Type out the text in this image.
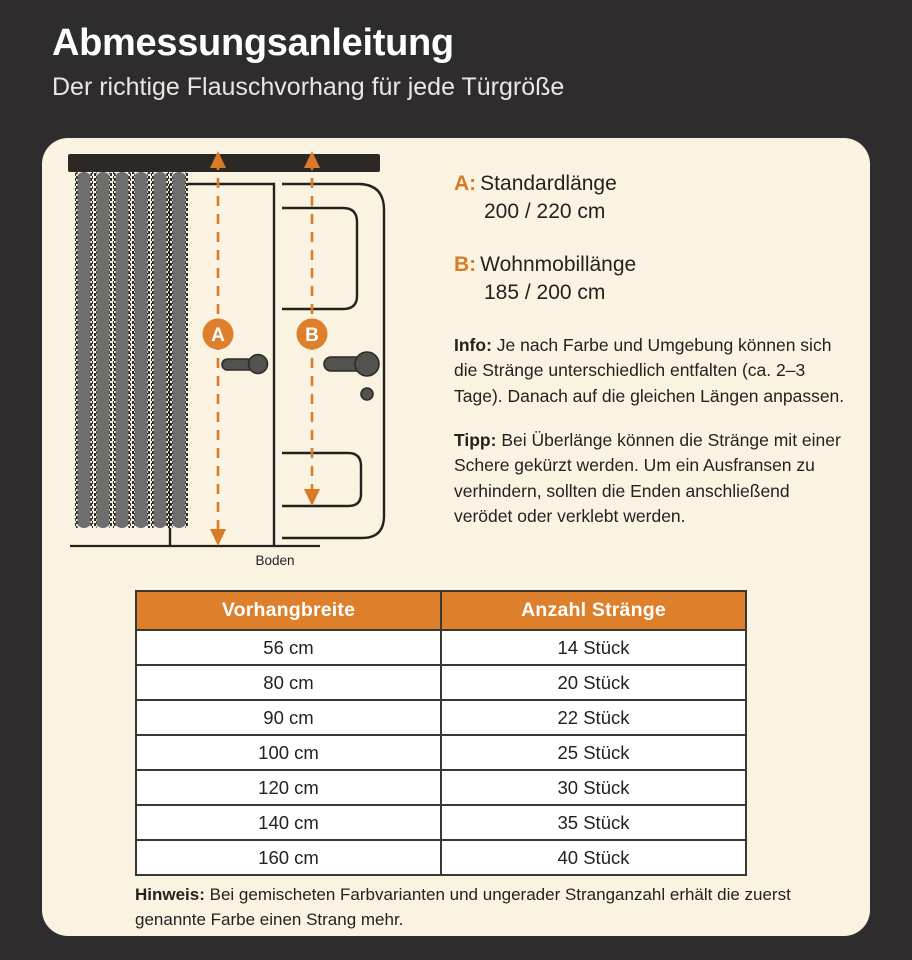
Abmessungsanleitung
Der richtige Flauschvorhang für jede Türgröße
A	B
Boden
A: Standardlänge
200 / 220 cm
B: Wohnmobillänge
185 / 200 cm

Info: Je nach Farbe und Umgebung können sich die Stränge unterschiedlich entfalten (ca. 2–3 Tage). Danach auf die gleichen Längen anpassen.

Tipp: Bei Überlänge können die Stränge mit einer Schere gekürzt werden. Um ein Ausfransen zu verhindern, sollten die Enden anschließend verödet oder verklebt werden.

Vorhangbreite	Anzahl Stränge
56 cm	14 Stück
80 cm	20 Stück
90 cm	22 Stück
100 cm	25 Stück
120 cm	30 Stück
140 cm	35 Stück
160 cm	40 Stück
Hinweis: Bei gemischeten Farbvarianten und ungerader Stranganzahl erhält die zuerst genannte Farbe einen Strang mehr.
